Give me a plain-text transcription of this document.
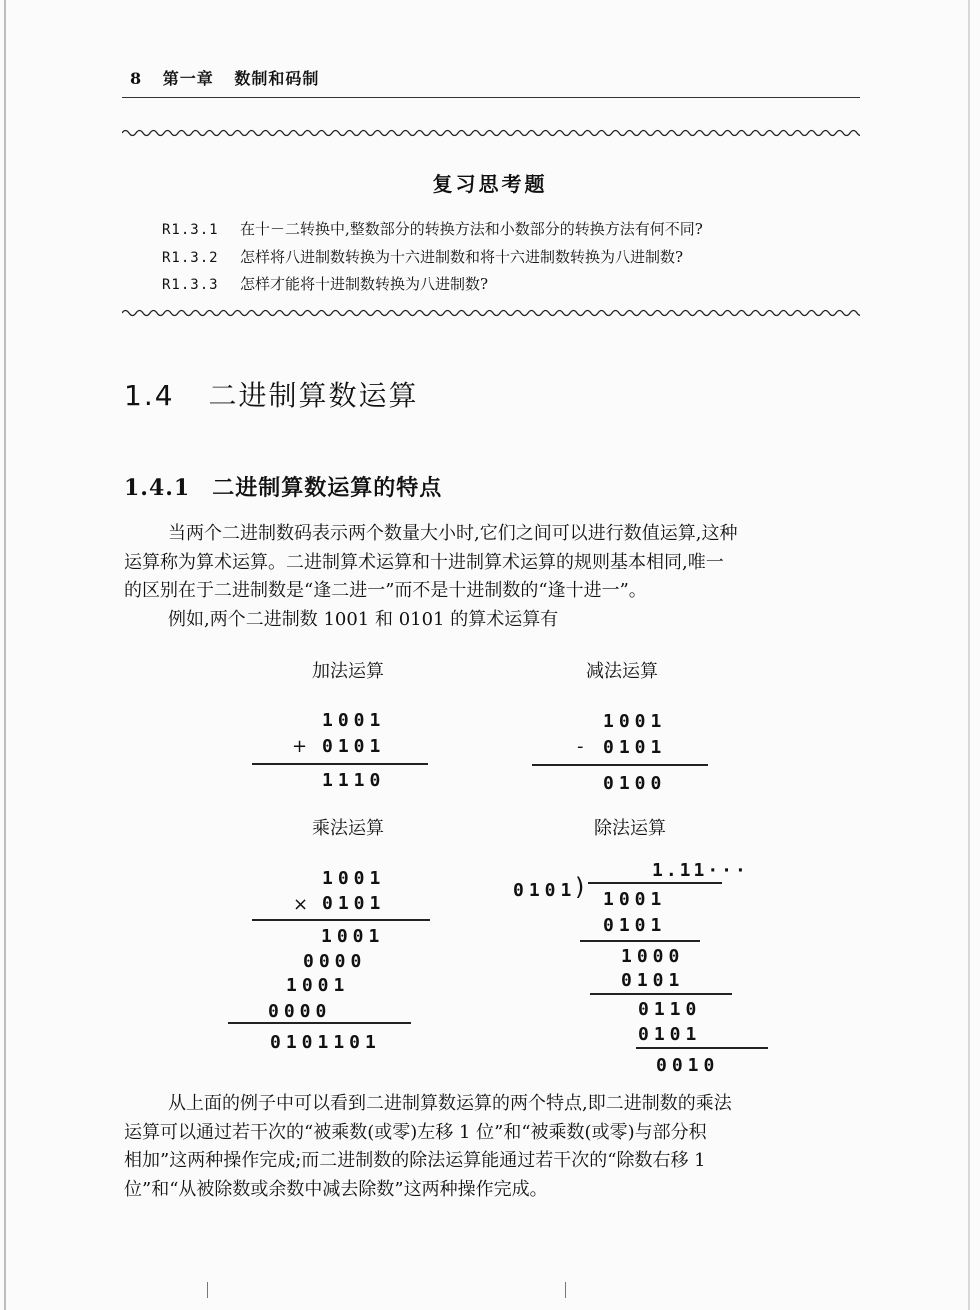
8 第一章 数制和码制
复习思考题
R1.3.1 在十－二转换中,整数部分的转换方法和小数部分的转换方法有何不同?
R1.3.2 怎样将八进制数转换为十六进制数和将十六进制数转换为八进制数?
R1.3.3 怎样才能将十进制数转换为八进制数?
1.4 二进制算数运算
1.4.1 二进制算数运算的特点
当两个二进制数码表示两个数量大小时,它们之间可以进行数值运算,这种
运算称为算术运算。二进制算术运算和十进制算术运算的规则基本相同,唯一
的区别在于二进制数是“逢二进一”而不是十进制数的“逢十进一”。
例如,两个二进制数 1001 和 0101 的算术运算有
加法运算
1001
+ 0101
1110
减法运算
1001
- 0101
0100
乘法运算
1001
× 0101
1001
0000
1001
0000
0101101
除法运算
1.11···
0101
) 1001
0101
1000
0101
0110
0101
0010
从上面的例子中可以看到二进制算数运算的两个特点,即二进制数的乘法
运算可以通过若干次的“被乘数(或零)左移 1 位”和“被乘数(或零)与部分积
相加”这两种操作完成;而二进制数的除法运算能通过若干次的“除数右移 1
位”和“从被除数或余数中减去除数”这两种操作完成。
